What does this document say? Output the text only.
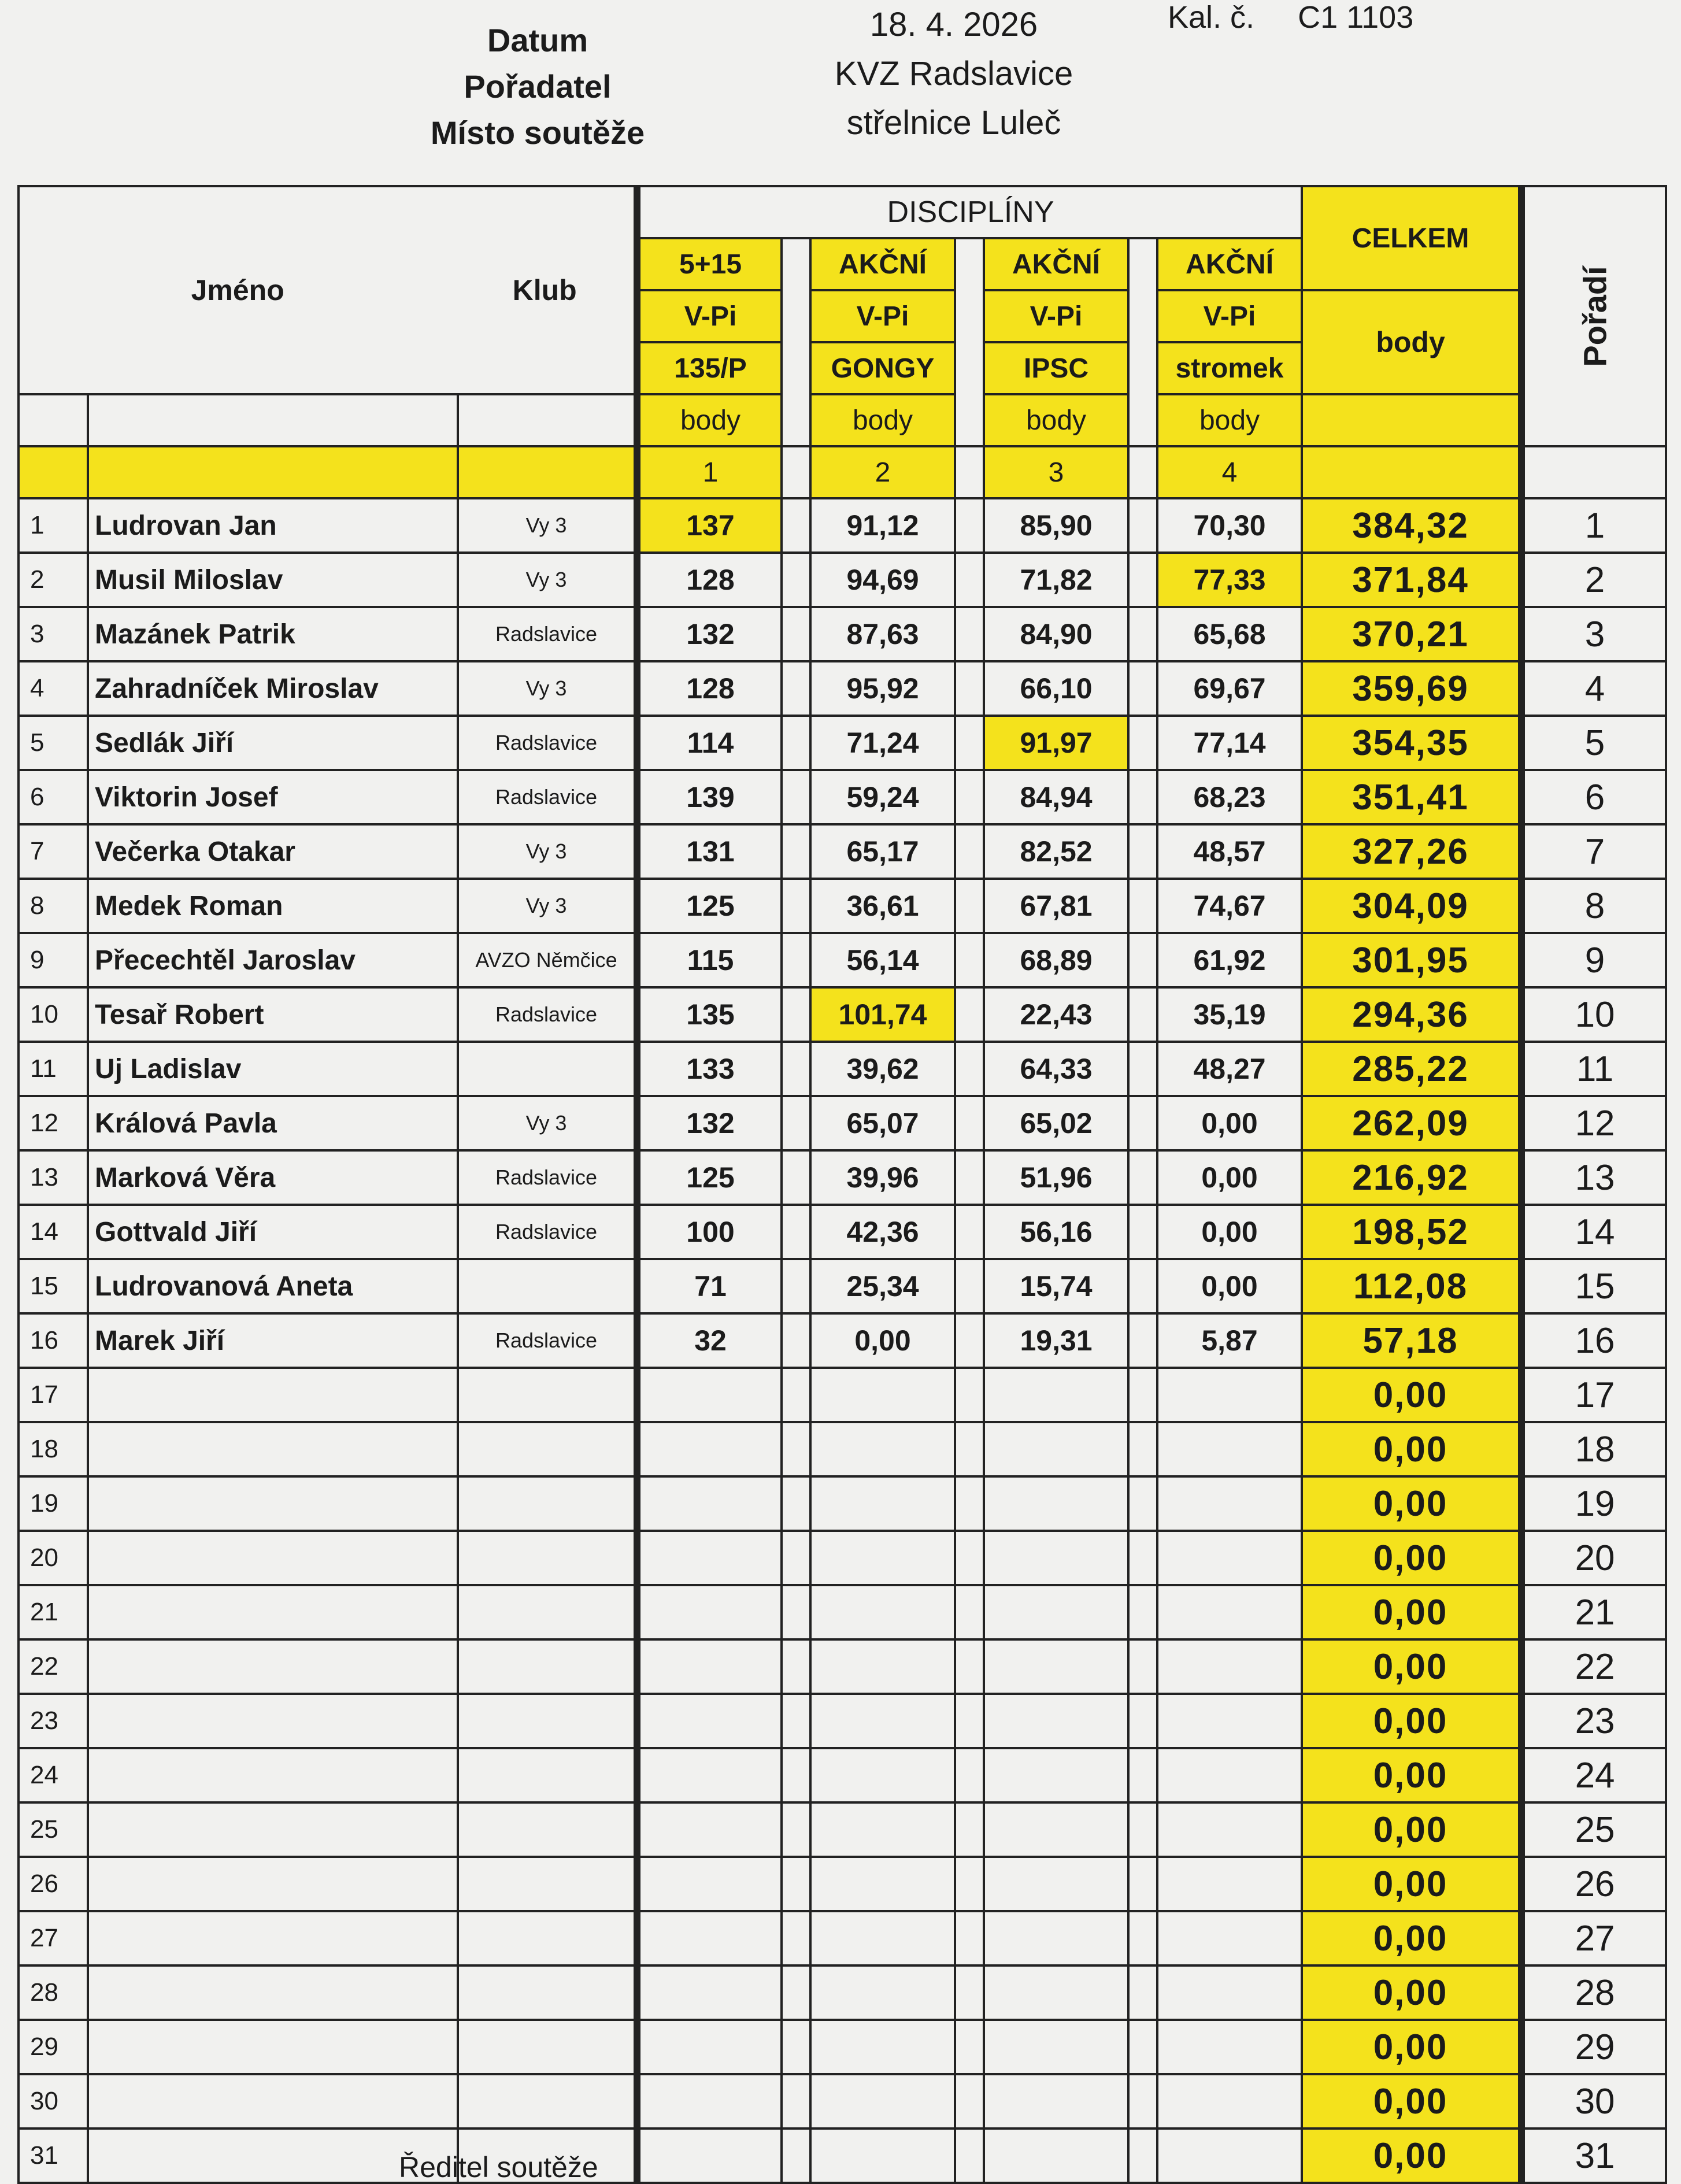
Datum
Pořadatel
Místo soutěže
18. 4. 2026
KVZ Radslavice
střelnice Luleč
Kal. č. C1 1103
Jméno Klub			DISCIPLÍNY							CELKEM	Pořadí

			5+15		AKČNÍ		AKČNÍ		AKČNÍ		
			V-Pi		V-Pi		V-Pi		V-Pi	body	
			135/P		GONGY		IPSC		stromek		
			body		body		body		body		
			1		2		3		4		
1	Ludrovan Jan	Vy 3	137		91,12		85,90		70,30	384,32	1
2	Musil Miloslav	Vy 3	128		94,69		71,82		77,33	371,84	2
3	Mazánek Patrik	Radslavice	132		87,63		84,90		65,68	370,21	3
4	Zahradníček Miroslav	Vy 3	128		95,92		66,10		69,67	359,69	4
5	Sedlák Jiří	Radslavice	114		71,24		91,97		77,14	354,35	5
6	Viktorin Josef	Radslavice	139		59,24		84,94		68,23	351,41	6
7	Večerka Otakar	Vy 3	131		65,17		82,52		48,57	327,26	7
8	Medek Roman	Vy 3	125		36,61		67,81		74,67	304,09	8
9	Přecechtěl Jaroslav	AVZO Němčice	115		56,14		68,89		61,92	301,95	9
10	Tesař Robert	Radslavice	135		101,74		22,43		35,19	294,36	10
11	Uj Ladislav		133		39,62		64,33		48,27	285,22	11
12	Králová Pavla	Vy 3	132		65,07		65,02		0,00	262,09	12
13	Marková Věra	Radslavice	125		39,96		51,96		0,00	216,92	13
14	Gottvald Jiří	Radslavice	100		42,36		56,16		0,00	198,52	14
15	Ludrovanová Aneta		71		25,34		15,74		0,00	112,08	15
16	Marek Jiří	Radslavice	32		0,00		19,31		5,87	57,18	16
17										0,00	17
18										0,00	18
19										0,00	19
20										0,00	20
21										0,00	21
22										0,00	22
23										0,00	23
24										0,00	24
25										0,00	25
26										0,00	26
27										0,00	27
28										0,00	28
29										0,00	29
30										0,00	30
31										0,00	31
Ředitel soutěže
